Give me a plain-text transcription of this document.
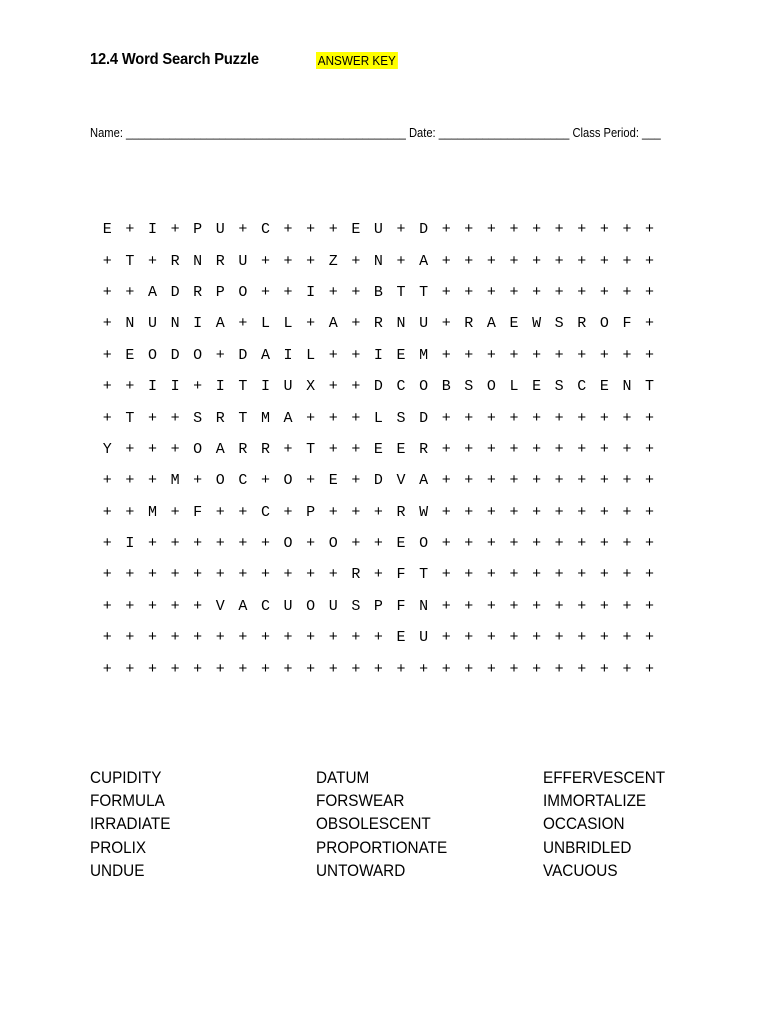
12.4 Word Search Puzzle	ANSWER KEY
Name: _____________________________________________ Date: _____________________ Class Period: ___
E + I + P U + C + + + E U + D + + + + + + + + + +
+ T + R N R U + + + Z + N + A + + + + + + + + + +
+ + A D R P O + + I + + B T T + + + + + + + + + +
+ N U N I A + L L + A + R N U + R A E W S R O F +
+ E O D O + D A I L + + I E M + + + + + + + + + +
+ + I I + I T I U X + + D C O B S O L E S C E N T
+ T + + S R T M A + + + L S D + + + + + + + + + +
Y + + + O A R R + T + + E E R + + + + + + + + + +
+ + + M + O C + O + E + D V A + + + + + + + + + +
+ + M + F + + C + P + + + R W + + + + + + + + + +
+ I + + + + + + O + O + + E O + + + + + + + + + +
+ + + + + + + + + + + R + F T + + + + + + + + + +
+ + + + + V A C U O U S P F N + + + + + + + + + +
+ + + + + + + + + + + + + E U + + + + + + + + + +
+ + + + + + + + + + + + + + + + + + + + + + + + +
CUPIDITY
FORMULA
IRRADIATE
PROLIX
UNDUE
DATUM
FORSWEAR
OBSOLESCENT
PROPORTIONATE
UNTOWARD
EFFERVESCENT
IMMORTALIZE
OCCASION
UNBRIDLED
VACUOUS
